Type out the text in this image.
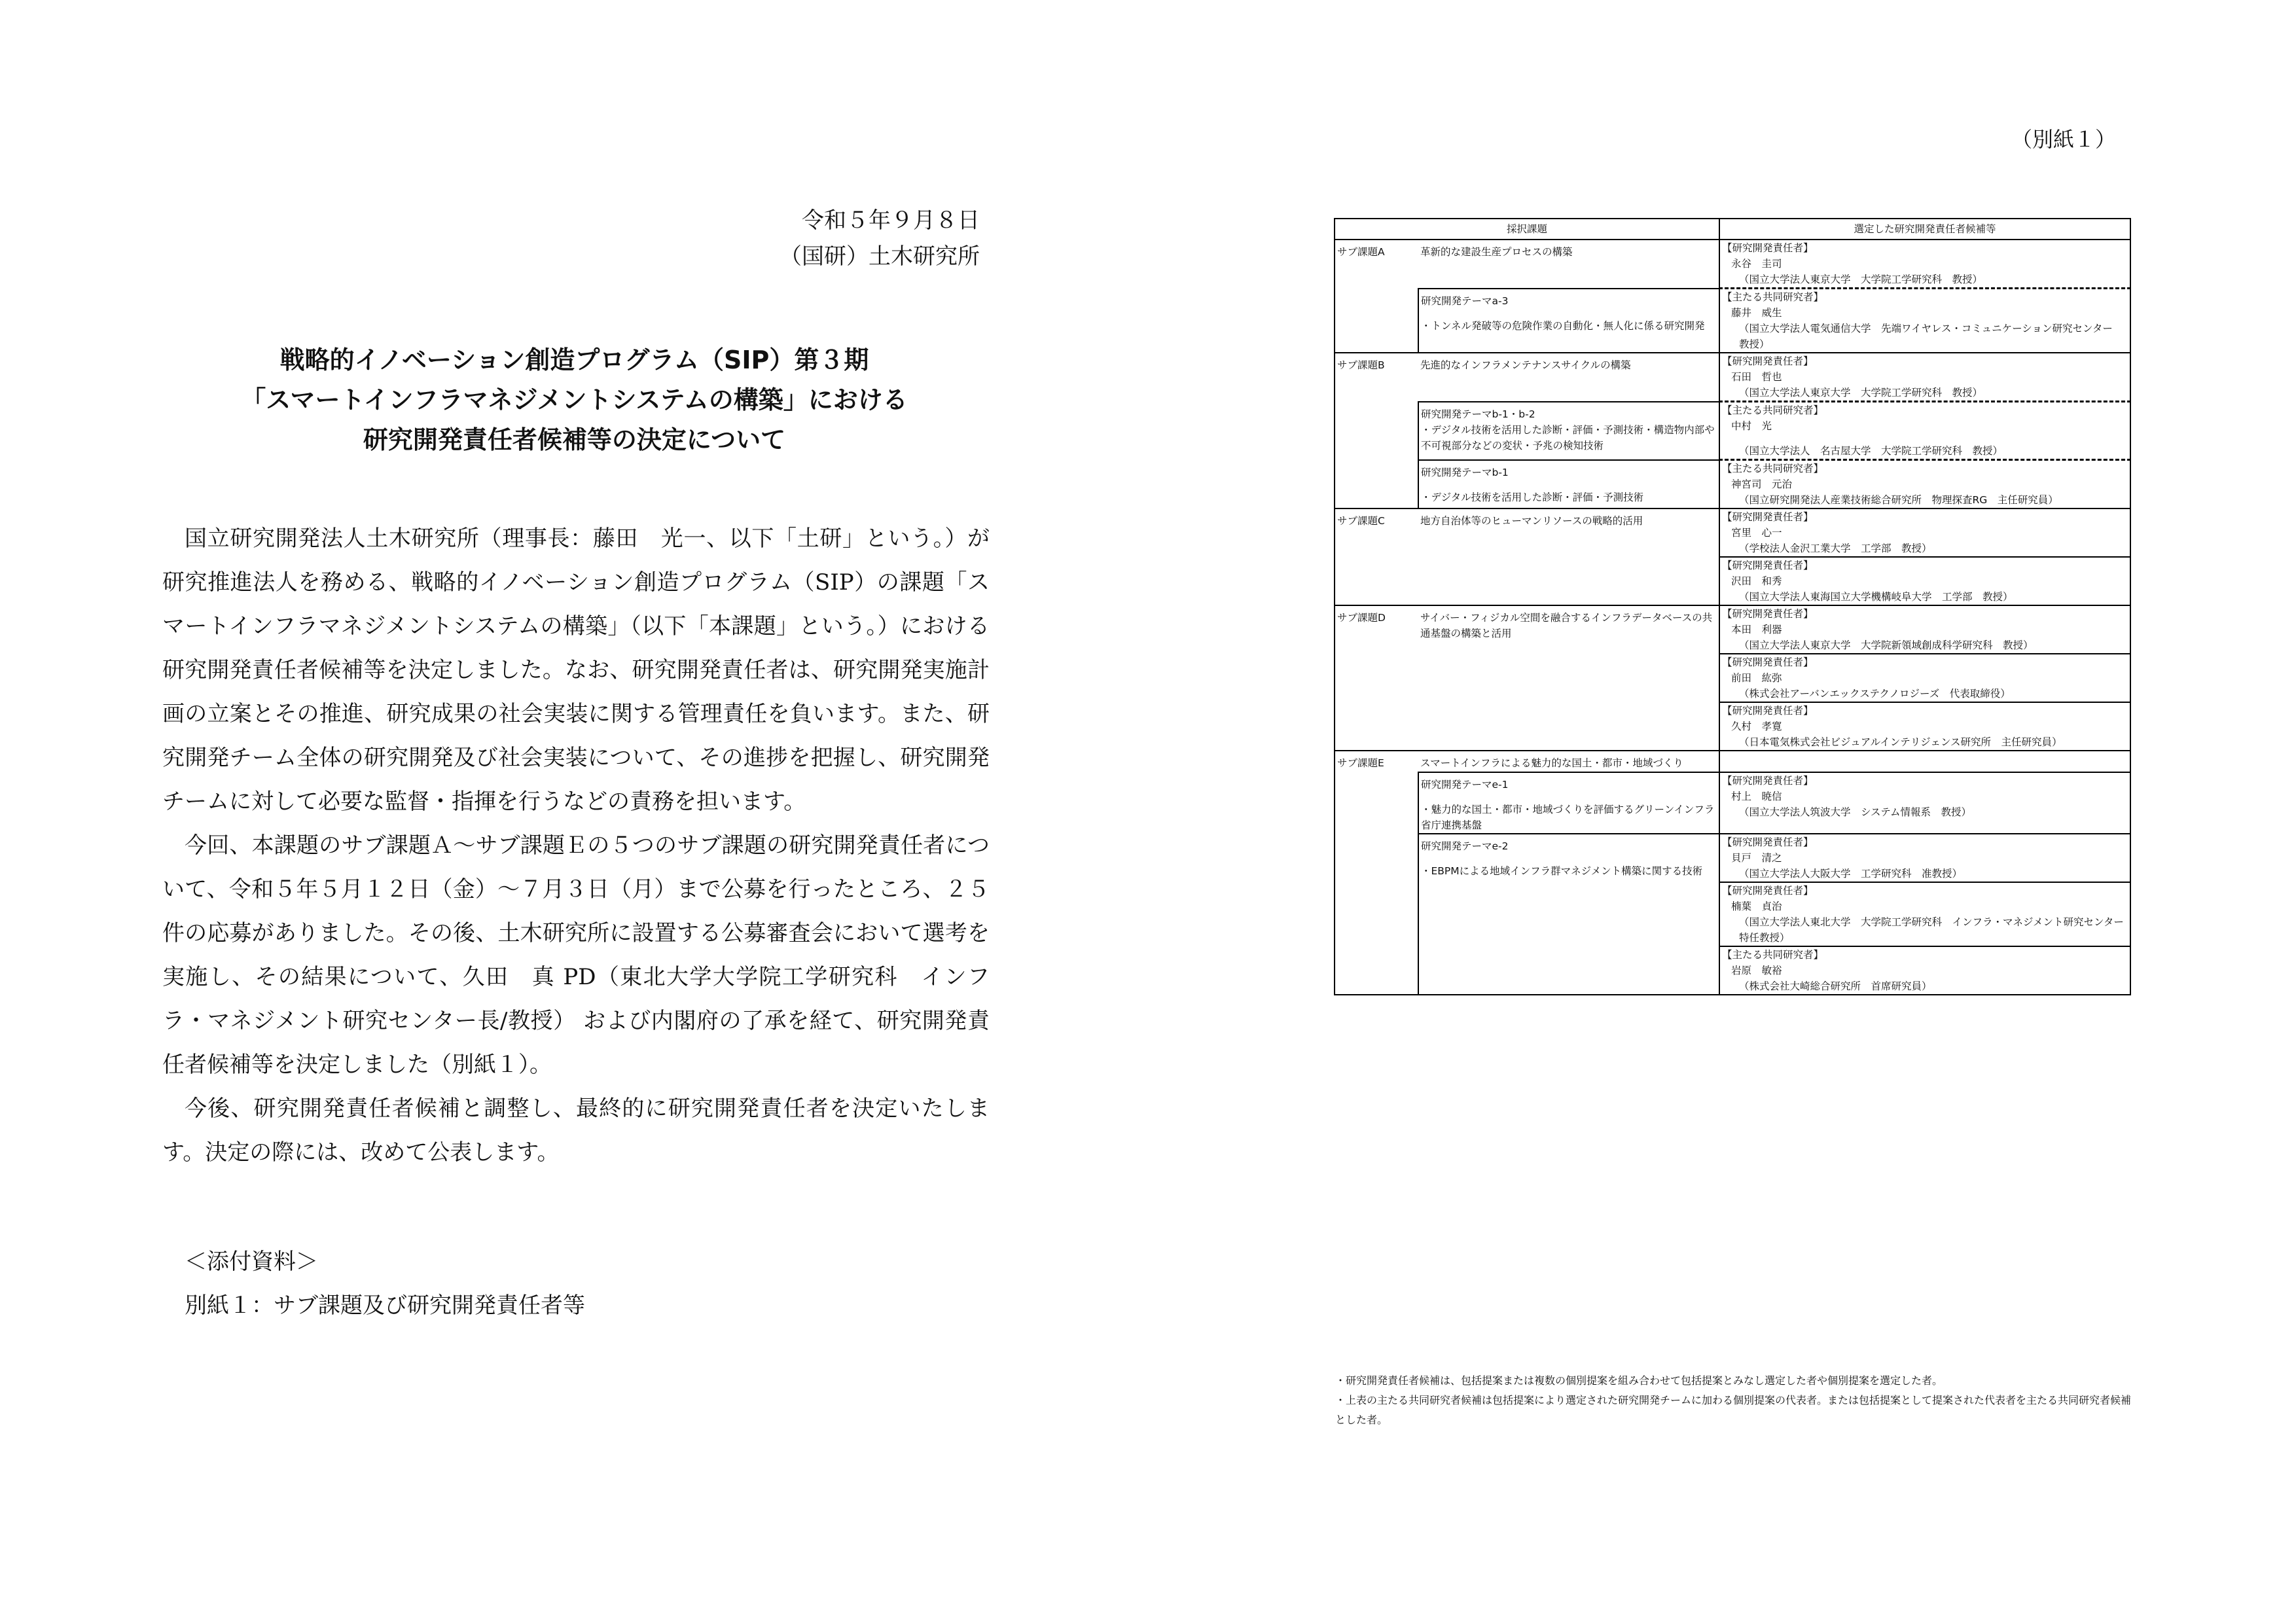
令和５年９月８日
（国研）土木研究所
戦略的イノベーション創造プログラム（SIP）第３期
「スマートインフラマネジメントシステムの構築」における
研究開発責任者候補等の決定について

国立研究開発法人土木研究所（理事長：藤田　光一、以下「土研」という。）が研究推進法人を務める、戦略的イノベーション創造プログラム（SIP）の課題「スマートインフラマネジメントシステムの構築」（以下「本課題」という。）における研究開発責任者候補等を決定しました。なお、研究開発責任者は、研究開発実施計画の立案とその推進、研究成果の社会実装に関する管理責任を負います。また、研究開発チーム全体の研究開発及び社会実装について、その進捗を把握し、研究開発チームに対して必要な監督・指揮を行うなどの責務を担います。

今回、本課題のサブ課題Ａ～サブ課題Ｅの５つのサブ課題の研究開発責任者について、令和５年５月１２日（金）～７月３日（月）まで公募を行ったところ、２５件の応募がありました。その後、土木研究所に設置する公募審査会において選考を実施し、その結果について、久田　真 PD（東北大学大学院工学研究科　インフラ・マネジメント研究センター長/教授） および内閣府の了承を経て、研究開発責任者候補等を決定しました（別紙１）。

今後、研究開発責任者候補と調整し、最終的に研究開発責任者を決定いたします。決定の際には、改めて公表します。

＜添付資料＞
別紙１：サブ課題及び研究開発責任者等
（別紙１）
採択課題		選定した研究開発責任者候補等
サブ課題A	革新的な建設生産プロセスの構築	【研究開発責任者】
永谷　圭司
（国立大学法人東京大学　大学院工学研究科　教授）

	研究開発テーマa-3
・トンネル発破等の危険作業の自動化・無人化に係る研究開発	【主たる共同研究者】
藤井　威生
（国立大学法人電気通信大学　先端ワイヤレス・コミュニケーション研究センター　教授）

サブ課題B	先進的なインフラメンテナンスサイクルの構築	【研究開発責任者】
石田　哲也
（国立大学法人東京大学　大学院工学研究科　教授）

	研究開発テーマb-1・b-2
・デジタル技術を活用した診断・評価・予測技術・構造物内部や不可視部分などの変状・予兆の検知技術	【主たる共同研究者】
中村　光
（国立大学法人　名古屋大学　大学院工学研究科　教授）

	研究開発テーマb-1
・デジタル技術を活用した診断・評価・予測技術	【主たる共同研究者】
神宮司　元治
（国立研究開発法人産業技術総合研究所　物理探査RG　主任研究員）

サブ課題C	地方自治体等のヒューマンリソースの戦略的活用	【研究開発責任者】
宮里　心一
（学校法人金沢工業大学　工学部　教授）

		【研究開発責任者】
沢田　和秀
（国立大学法人東海国立大学機構岐阜大学　工学部　教授）

サブ課題D	サイバー・フィジカル空間を融合するインフラデータベースの共通基盤の構築と活用	【研究開発責任者】
本田　利器
（国立大学法人東京大学　大学院新領域創成科学研究科　教授）

		【研究開発責任者】
前田　紘弥
（株式会社アーバンエックステクノロジーズ　代表取締役）

		【研究開発責任者】
久村　孝寛
（日本電気株式会社ビジュアルインテリジェンス研究所　主任研究員）

サブ課題E	スマートインフラによる魅力的な国土・都市・地域づくり	
	研究開発テーマe-1
・魅力的な国土・都市・地域づくりを評価するグリーンインフラ省庁連携基盤	【研究開発責任者】
村上　暁信
（国立大学法人筑波大学　システム情報系　教授）

	研究開発テーマe-2
・EBPMによる地域インフラ群マネジメント構築に関する技術	【研究開発責任者】
貝戸　清之
（国立大学法人大阪大学　工学研究科　准教授）

		【研究開発責任者】
楠葉　貞治
（国立大学法人東北大学　大学院工学研究科　インフラ・マネジメント研究センター　特任教授）

		【主たる共同研究者】
岩原　敏裕
（株式会社大崎総合研究所　首席研究員）
・研究開発責任者候補は、包括提案または複数の個別提案を組み合わせて包括提案とみなし選定した者や個別提案を選定した者。
・上表の主たる共同研究者候補は包括提案により選定された研究開発チームに加わる個別提案の代表者。または包括提案として提案された代表者を主たる共同研究者候補とした者。
